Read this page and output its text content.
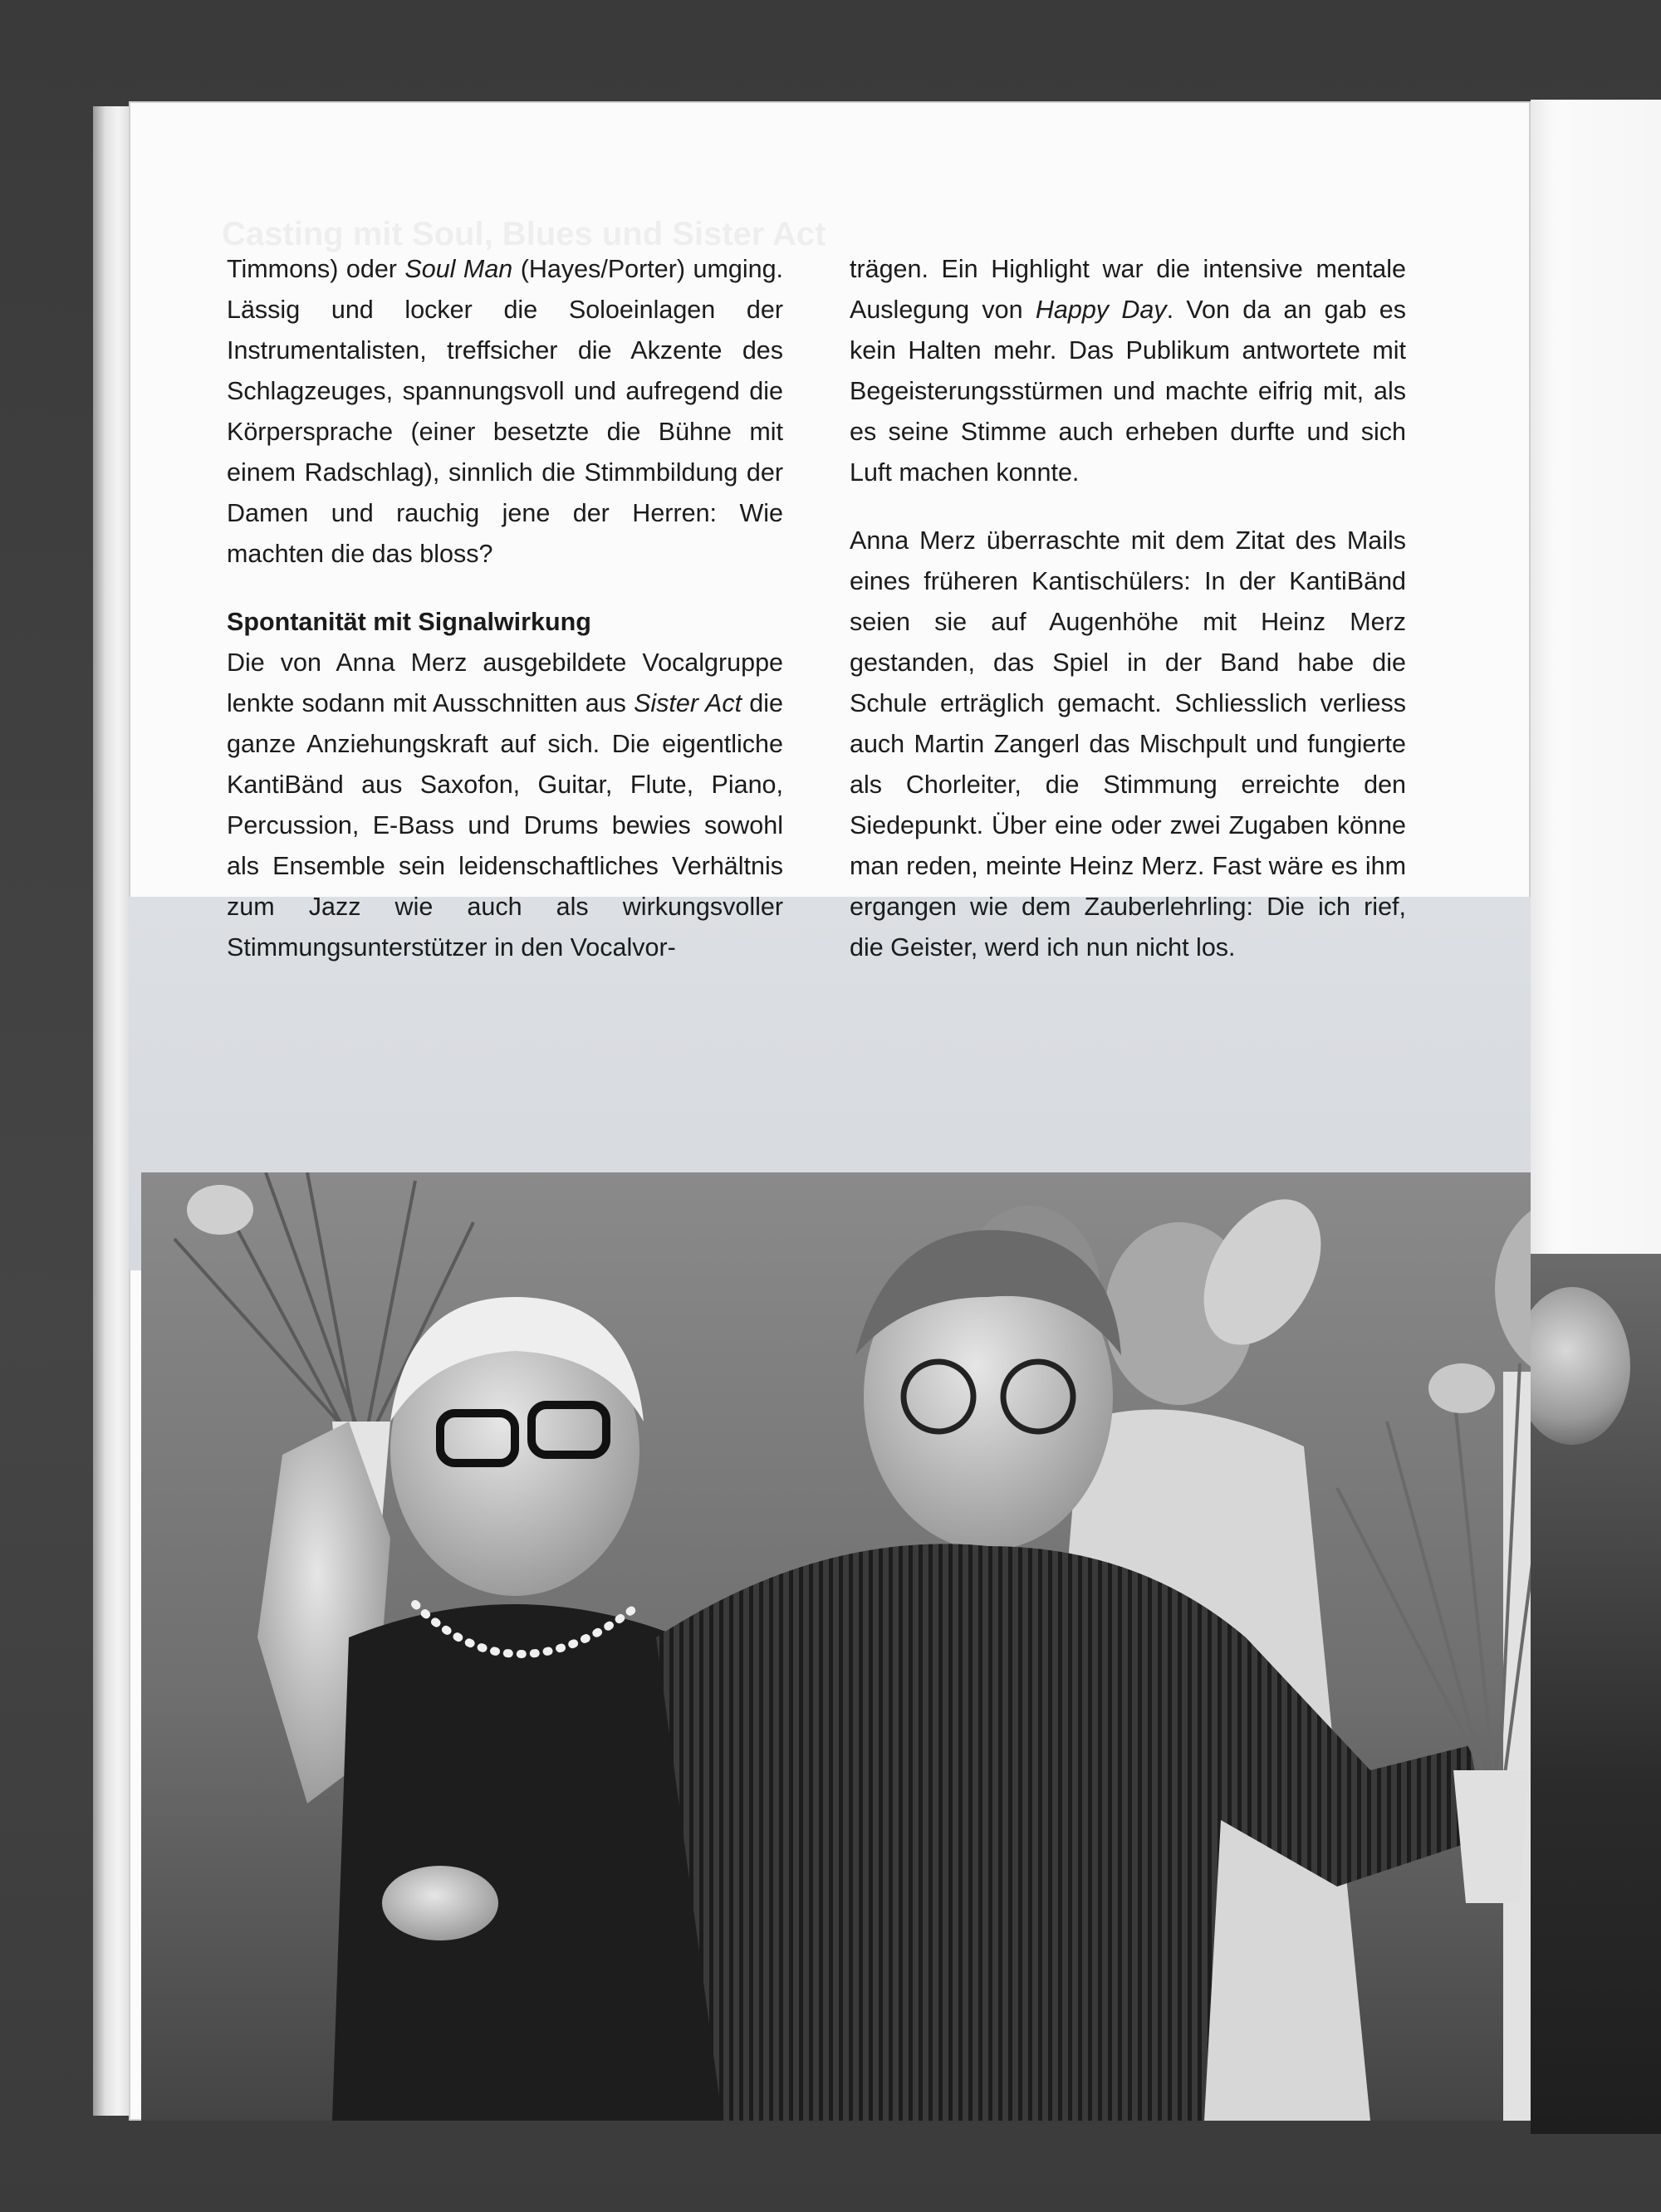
Casting mit Soul, Blues und Sister Act

Timmons) oder Soul Man (Hayes/Porter) umging. Lässig und locker die Soloeinlagen der Instrumentalisten, treffsicher die Akzente des Schlagzeuges, spannungsvoll und aufregend die Körpersprache (einer besetzte die Bühne mit einem Radschlag), sinnlich die Stimmbildung der Damen und rauchig jene der Herren: Wie machten die das bloss?

Spontanität mit Signalwirkung

Die von Anna Merz ausgebildete Vocalgruppe lenkte sodann mit Ausschnitten aus Sister Act die ganze Anziehungskraft auf sich. Die eigentliche KantiBänd aus Saxofon, Guitar, Flute, Piano, Percussion, E-Bass und Drums bewies sowohl als Ensemble sein leidenschaftliches Verhältnis zum Jazz wie auch als wirkungsvoller Stimmungsunterstützer in den Vocalvor-

trägen. Ein Highlight war die intensive mentale Auslegung von Happy Day. Von da an gab es kein Halten mehr. Das Publikum antwortete mit Begeisterungsstürmen und machte eifrig mit, als es seine Stimme auch erheben durfte und sich Luft machen konnte.

Anna Merz überraschte mit dem Zitat des Mails eines früheren Kantischülers: In der KantiBänd seien sie auf Augenhöhe mit Heinz Merz gestanden, das Spiel in der Band habe die Schule erträglich gemacht. Schliesslich verliess auch Martin Zangerl das Mischpult und fungierte als Chorleiter, die Stimmung erreichte den Siedepunkt. Über eine oder zwei Zugaben könne man reden, meinte Heinz Merz. Fast wäre es ihm ergangen wie dem Zauberlehrling: Die ich rief, die Geister, werd ich nun nicht los.
